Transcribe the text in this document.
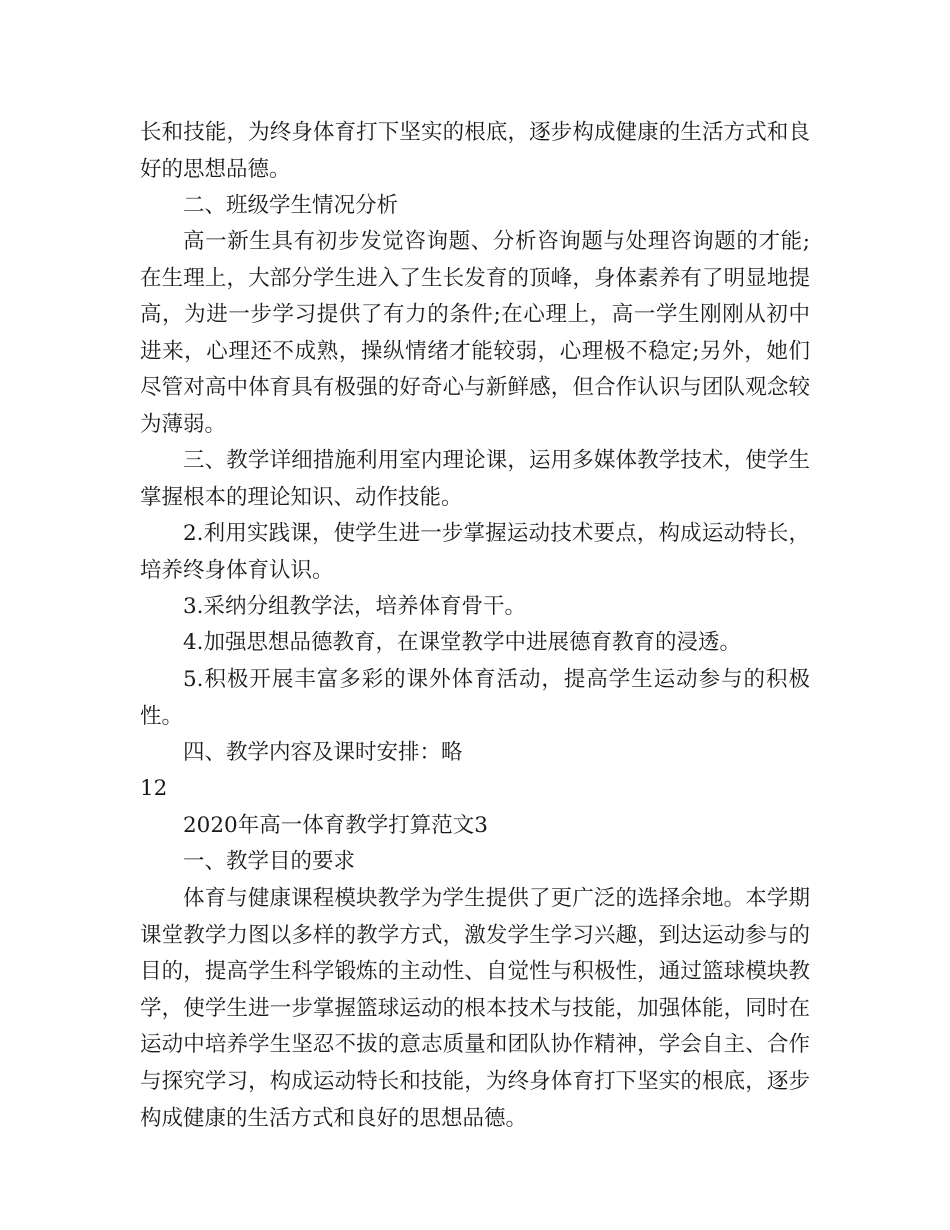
长和技能，为终身体育打下坚实的根底，逐步构成健康的生活方式和良好的思想品德。

二、班级学生情况分析

高一新生具有初步发觉咨询题、分析咨询题与处理咨询题的才能;在生理上，大部分学生进入了生长发育的顶峰，身体素养有了明显地提高，为进一步学习提供了有力的条件;在心理上，高一学生刚刚从初中进来，心理还不成熟，操纵情绪才能较弱，心理极不稳定;另外，她们尽管对高中体育具有极强的好奇心与新鲜感，但合作认识与团队观念较为薄弱。

三、教学详细措施利用室内理论课，运用多媒体教学技术，使学生掌握根本的理论知识、动作技能。

2.利用实践课，使学生进一步掌握运动技术要点，构成运动特长，培养终身体育认识。

3.采纳分组教学法，培养体育骨干。

4.加强思想品德教育，在课堂教学中进展德育教育的浸透。

5.积极开展丰富多彩的课外体育活动，提高学生运动参与的积极性。

四、教学内容及课时安排：略

12

2020年高一体育教学打算范文3

一、教学目的要求

体育与健康课程模块教学为学生提供了更广泛的选择余地。本学期课堂教学力图以多样的教学方式，激发学生学习兴趣，到达运动参与的目的，提高学生科学锻炼的主动性、自觉性与积极性，通过篮球模块教学，使学生进一步掌握篮球运动的根本技术与技能，加强体能，同时在运动中培养学生坚忍不拔的意志质量和团队协作精神，学会自主、合作与探究学习，构成运动特长和技能，为终身体育打下坚实的根底，逐步构成健康的生活方式和良好的思想品德。
